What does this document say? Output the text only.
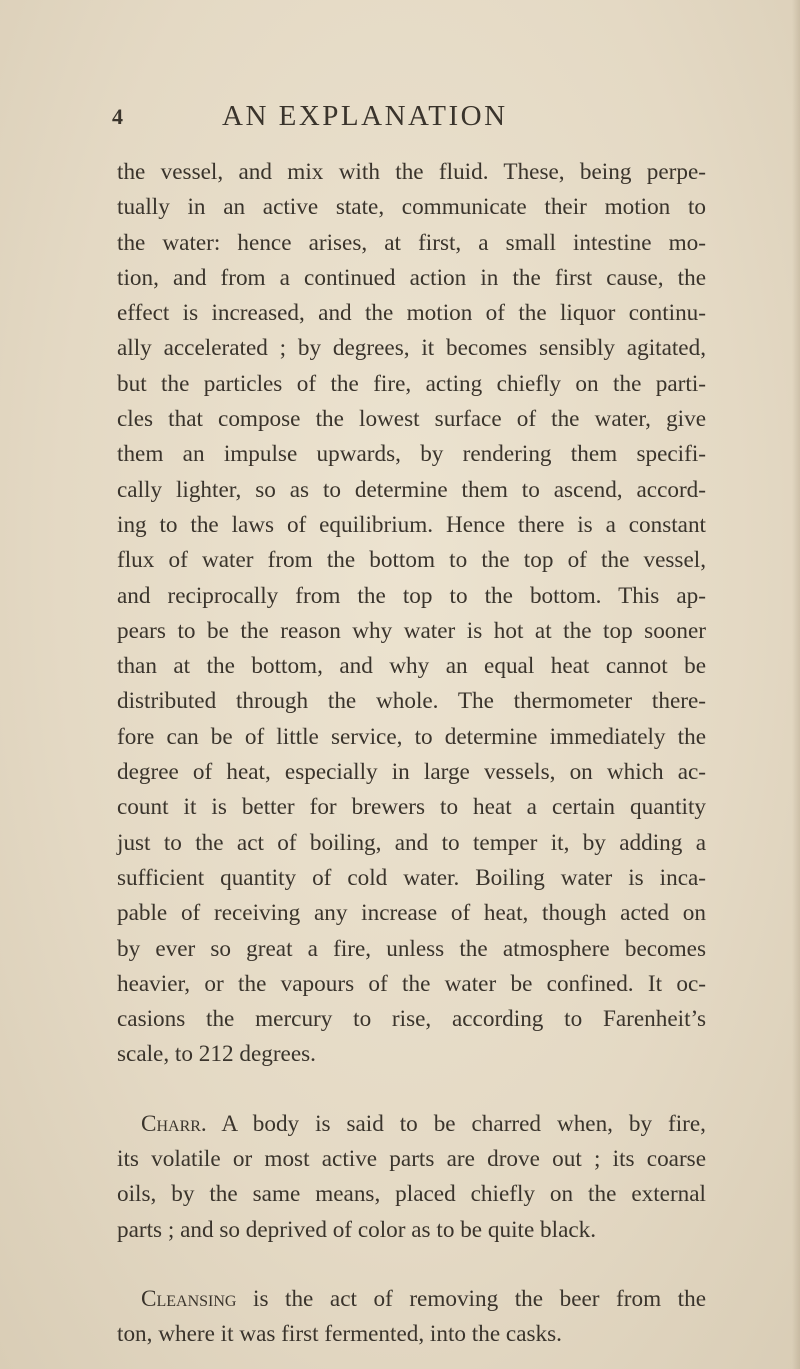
4	AN EXPLANATION
the vessel, and mix with the fluid. These, being perpe-
tually in an active state, communicate their motion to
the water: hence arises, at first, a small intestine mo-
tion, and from a continued action in the first cause, the
effect is increased, and the motion of the liquor continu-
ally accelerated ; by degrees, it becomes sensibly agitated,
but the particles of the fire, acting chiefly on the parti-
cles that compose the lowest surface of the water, give
them an impulse upwards, by rendering them specifi-
cally lighter, so as to determine them to ascend, accord-
ing to the laws of equilibrium. Hence there is a constant
flux of water from the bottom to the top of the vessel,
and reciprocally from the top to the bottom. This ap-
pears to be the reason why water is hot at the top sooner
than at the bottom, and why an equal heat cannot be
distributed through the whole. The thermometer there-
fore can be of little service, to determine immediately the
degree of heat, especially in large vessels, on which ac-
count it is better for brewers to heat a certain quantity
just to the act of boiling, and to temper it, by adding a
sufficient quantity of cold water. Boiling water is inca-
pable of receiving any increase of heat, though acted on
by ever so great a fire, unless the atmosphere becomes
heavier, or the vapours of the water be confined. It oc-
casions the mercury to rise, according to Farenheit’s
scale, to 212 degrees.
Charr. A body is said to be charred when, by fire,
its volatile or most active parts are drove out ; its coarse
oils, by the same means, placed chiefly on the external
parts ; and so deprived of color as to be quite black.
Cleansing is the act of removing the beer from the
ton, where it was first fermented, into the casks.
